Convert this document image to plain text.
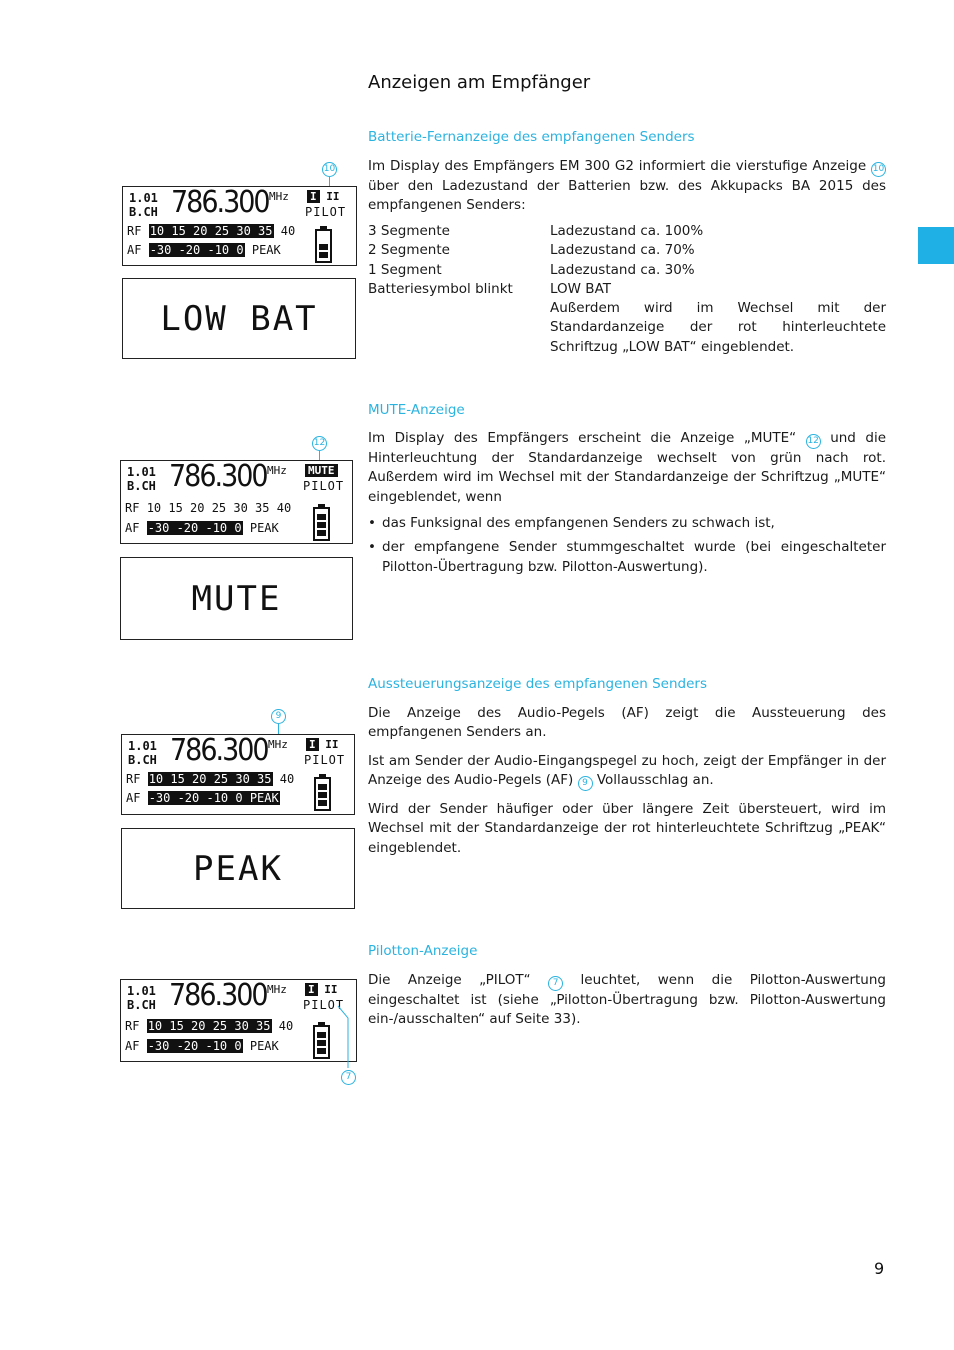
Anzeigen am Empfänger
Batterie-Fernanzeige des empfangenen Senders

Im Display des Empfängers EM 300 G2 informiert die vierstufige Anzeige 10 über den Ladezustand der Batterien bzw. des Akkupacks BA 2015 des empfangenen Senders:

3 Segmente	Ladezustand ca. 100%
2 Segmente	Ladezustand ca. 70%
1 Segment	Ladezustand ca. 30%
Batteriesymbol blinkt	LOW BAT
Außerdem wird im Wechsel mit der Standardanzeige der rot hinterleuchtete Schriftzug „LOW BAT“ eingeblendet.
10
1.01
B.CH 786.300 MHz I II
PILOT
RF 10 15 20 25 30 35 40
AF -30 -20 -10 0 PEAK
LOW BAT
MUTE-Anzeige

Im Display des Empfängers erscheint die Anzeige „MUTE“ 12 und die Hinterleuchtung der Standardanzeige wechselt von grün nach rot. Außerdem wird im Wechsel mit der Standardanzeige der Schriftzug „MUTE“ eingeblendet, wenn

• das Funksignal des empfangenen Senders zu schwach ist,
• der empfangene Sender stummgeschaltet wurde (bei eingeschalteter Pilotton-Übertragung bzw. Pilotton-Auswertung).
12
1.01
B.CH 786.300 MHz MUTE
PILOT
RF 10 15 20 25 30 35 40
AF -30 -20 -10 0 PEAK
MUTE
Aussteuerungsanzeige des empfangenen Senders

Die Anzeige des Audio-Pegels (AF) zeigt die Aussteuerung des empfangenen Senders an.

Ist am Sender der Audio-Eingangspegel zu hoch, zeigt der Empfänger in der Anzeige des Audio-Pegels (AF) 9 Vollausschlag an.

Wird der Sender häufiger oder über längere Zeit übersteuert, wird im Wechsel mit der Standardanzeige der rot hinterleuchtete Schriftzug „PEAK“ eingeblendet.

9
1.01
B.CH 786.300 MHz I II
PILOT
RF 10 15 20 25 30 35 40
AF -30 -20 -10 0 PEAK
PEAK
Pilotton-Anzeige

Die Anzeige „PILOT“ 7 leuchtet, wenn die Pilotton-Auswertung eingeschaltet ist (siehe „Pilotton-Übertragung bzw. Pilotton-Auswertung ein-/ausschalten“ auf Seite 33).

1.01
B.CH 786.300 MHz I II
PILOT
RF 10 15 20 25 30 35 40
AF -30 -20 -10 0 PEAK
7
9
